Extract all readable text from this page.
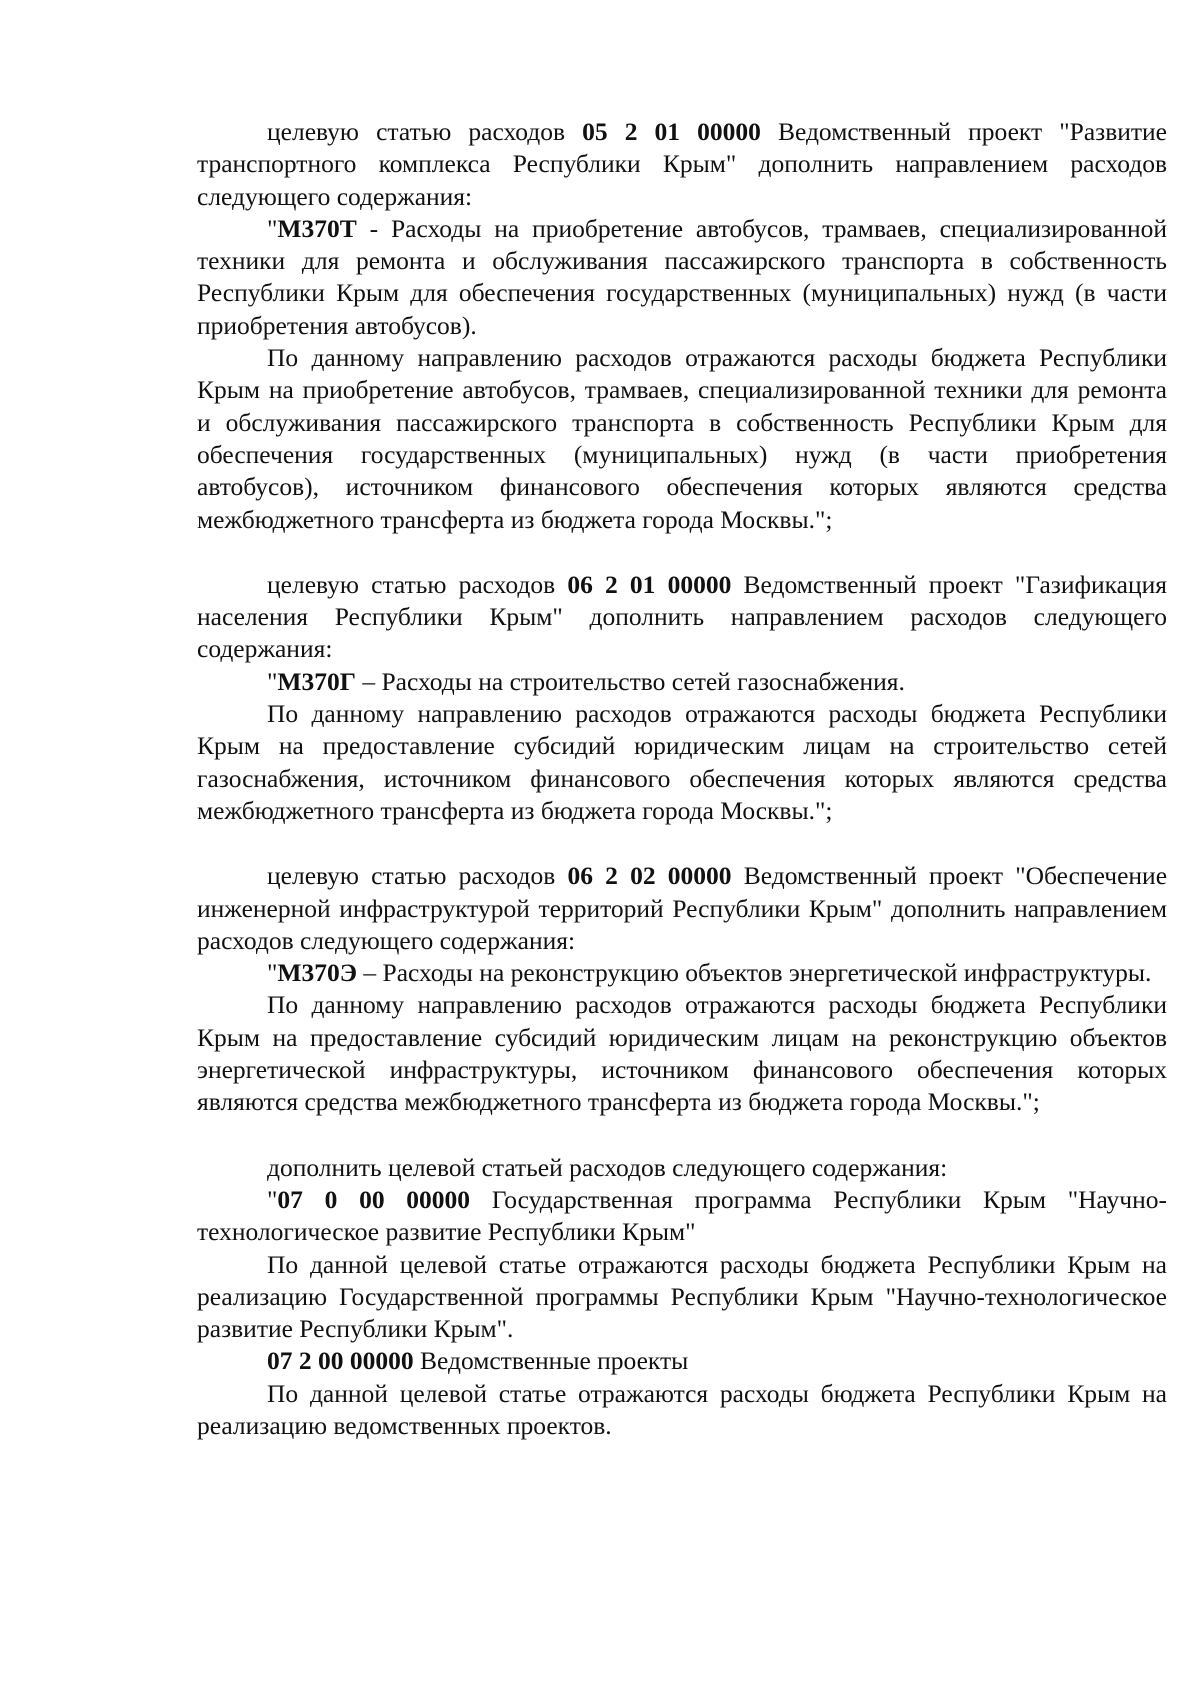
целевую статью расходов 05 2 01 00000 Ведомственный проект "Развитие транспортного комплекса Республики Крым" дополнить направлением расходов следующего содержания:

"М370Т - Расходы на приобретение автобусов, трамваев, специализированной техники для ремонта и обслуживания пассажирского транспорта в собственность Республики Крым для обеспечения государственных (муниципальных) нужд (в части приобретения автобусов).

По данному направлению расходов отражаются расходы бюджета Республики Крым на приобретение автобусов, трамваев, специализированной техники для ремонта и обслуживания пассажирского транспорта в собственность Республики Крым для обеспечения государственных (муниципальных) нужд (в части приобретения автобусов), источником финансового обеспечения которых являются средства межбюджетного трансферта из бюджета города Москвы.";

целевую статью расходов 06 2 01 00000 Ведомственный проект "Газификация населения Республики Крым" дополнить направлением расходов следующего содержания:

"М370Г – Расходы на строительство сетей газоснабжения.

По данному направлению расходов отражаются расходы бюджета Республики Крым на предоставление субсидий юридическим лицам на строительство сетей газоснабжения, источником финансового обеспечения которых являются средства межбюджетного трансферта из бюджета города Москвы.";

целевую статью расходов 06 2 02 00000 Ведомственный проект "Обеспечение инженерной инфраструктурой территорий Республики Крым" дополнить направлением расходов следующего содержания:

"М370Э – Расходы на реконструкцию объектов энергетической инфраструктуры.

По данному направлению расходов отражаются расходы бюджета Республики Крым на предоставление субсидий юридическим лицам на реконструкцию объектов энергетической инфраструктуры, источником финансового обеспечения которых являются средства межбюджетного трансферта из бюджета города Москвы.";

дополнить целевой статьей расходов следующего содержания:

"07 0 00 00000 Государственная программа Республики Крым "Научно-технологическое развитие Республики Крым"

По данной целевой статье отражаются расходы бюджета Республики Крым на реализацию Государственной программы Республики Крым "Научно-технологическое развитие Республики Крым".

07 2 00 00000 Ведомственные проекты

По данной целевой статье отражаются расходы бюджета Республики Крым на реализацию ведомственных проектов.
